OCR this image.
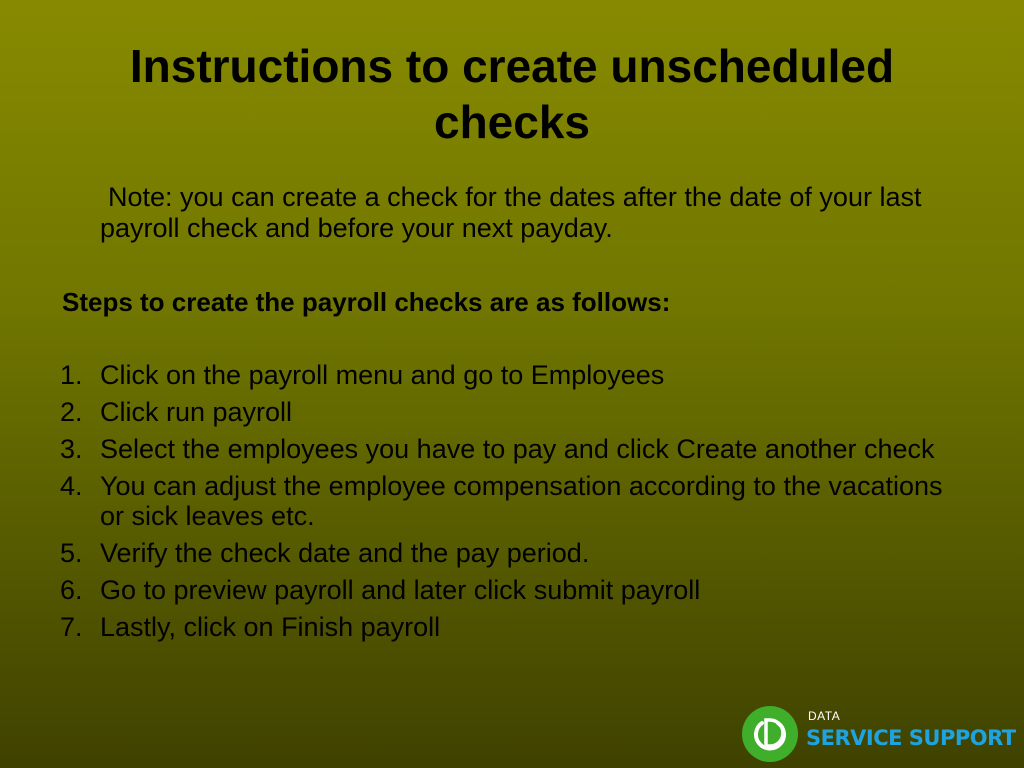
Instructions to create unscheduled checks
Note: you can create a check for the dates after the date of your last payroll check and before your next payday.
Steps to create the payroll checks are as follows:
1. Click on the payroll menu and go to Employees
2. Click run payroll
3. Select the employees you have to pay and click Create another check
4. You can adjust the employee compensation according to the vacations or sick leaves etc.
5. Verify the check date and the pay period.
6. Go to preview payroll and later click submit payroll
7. Lastly, click on Finish payroll
DATA
SERVICE SUPPORT
